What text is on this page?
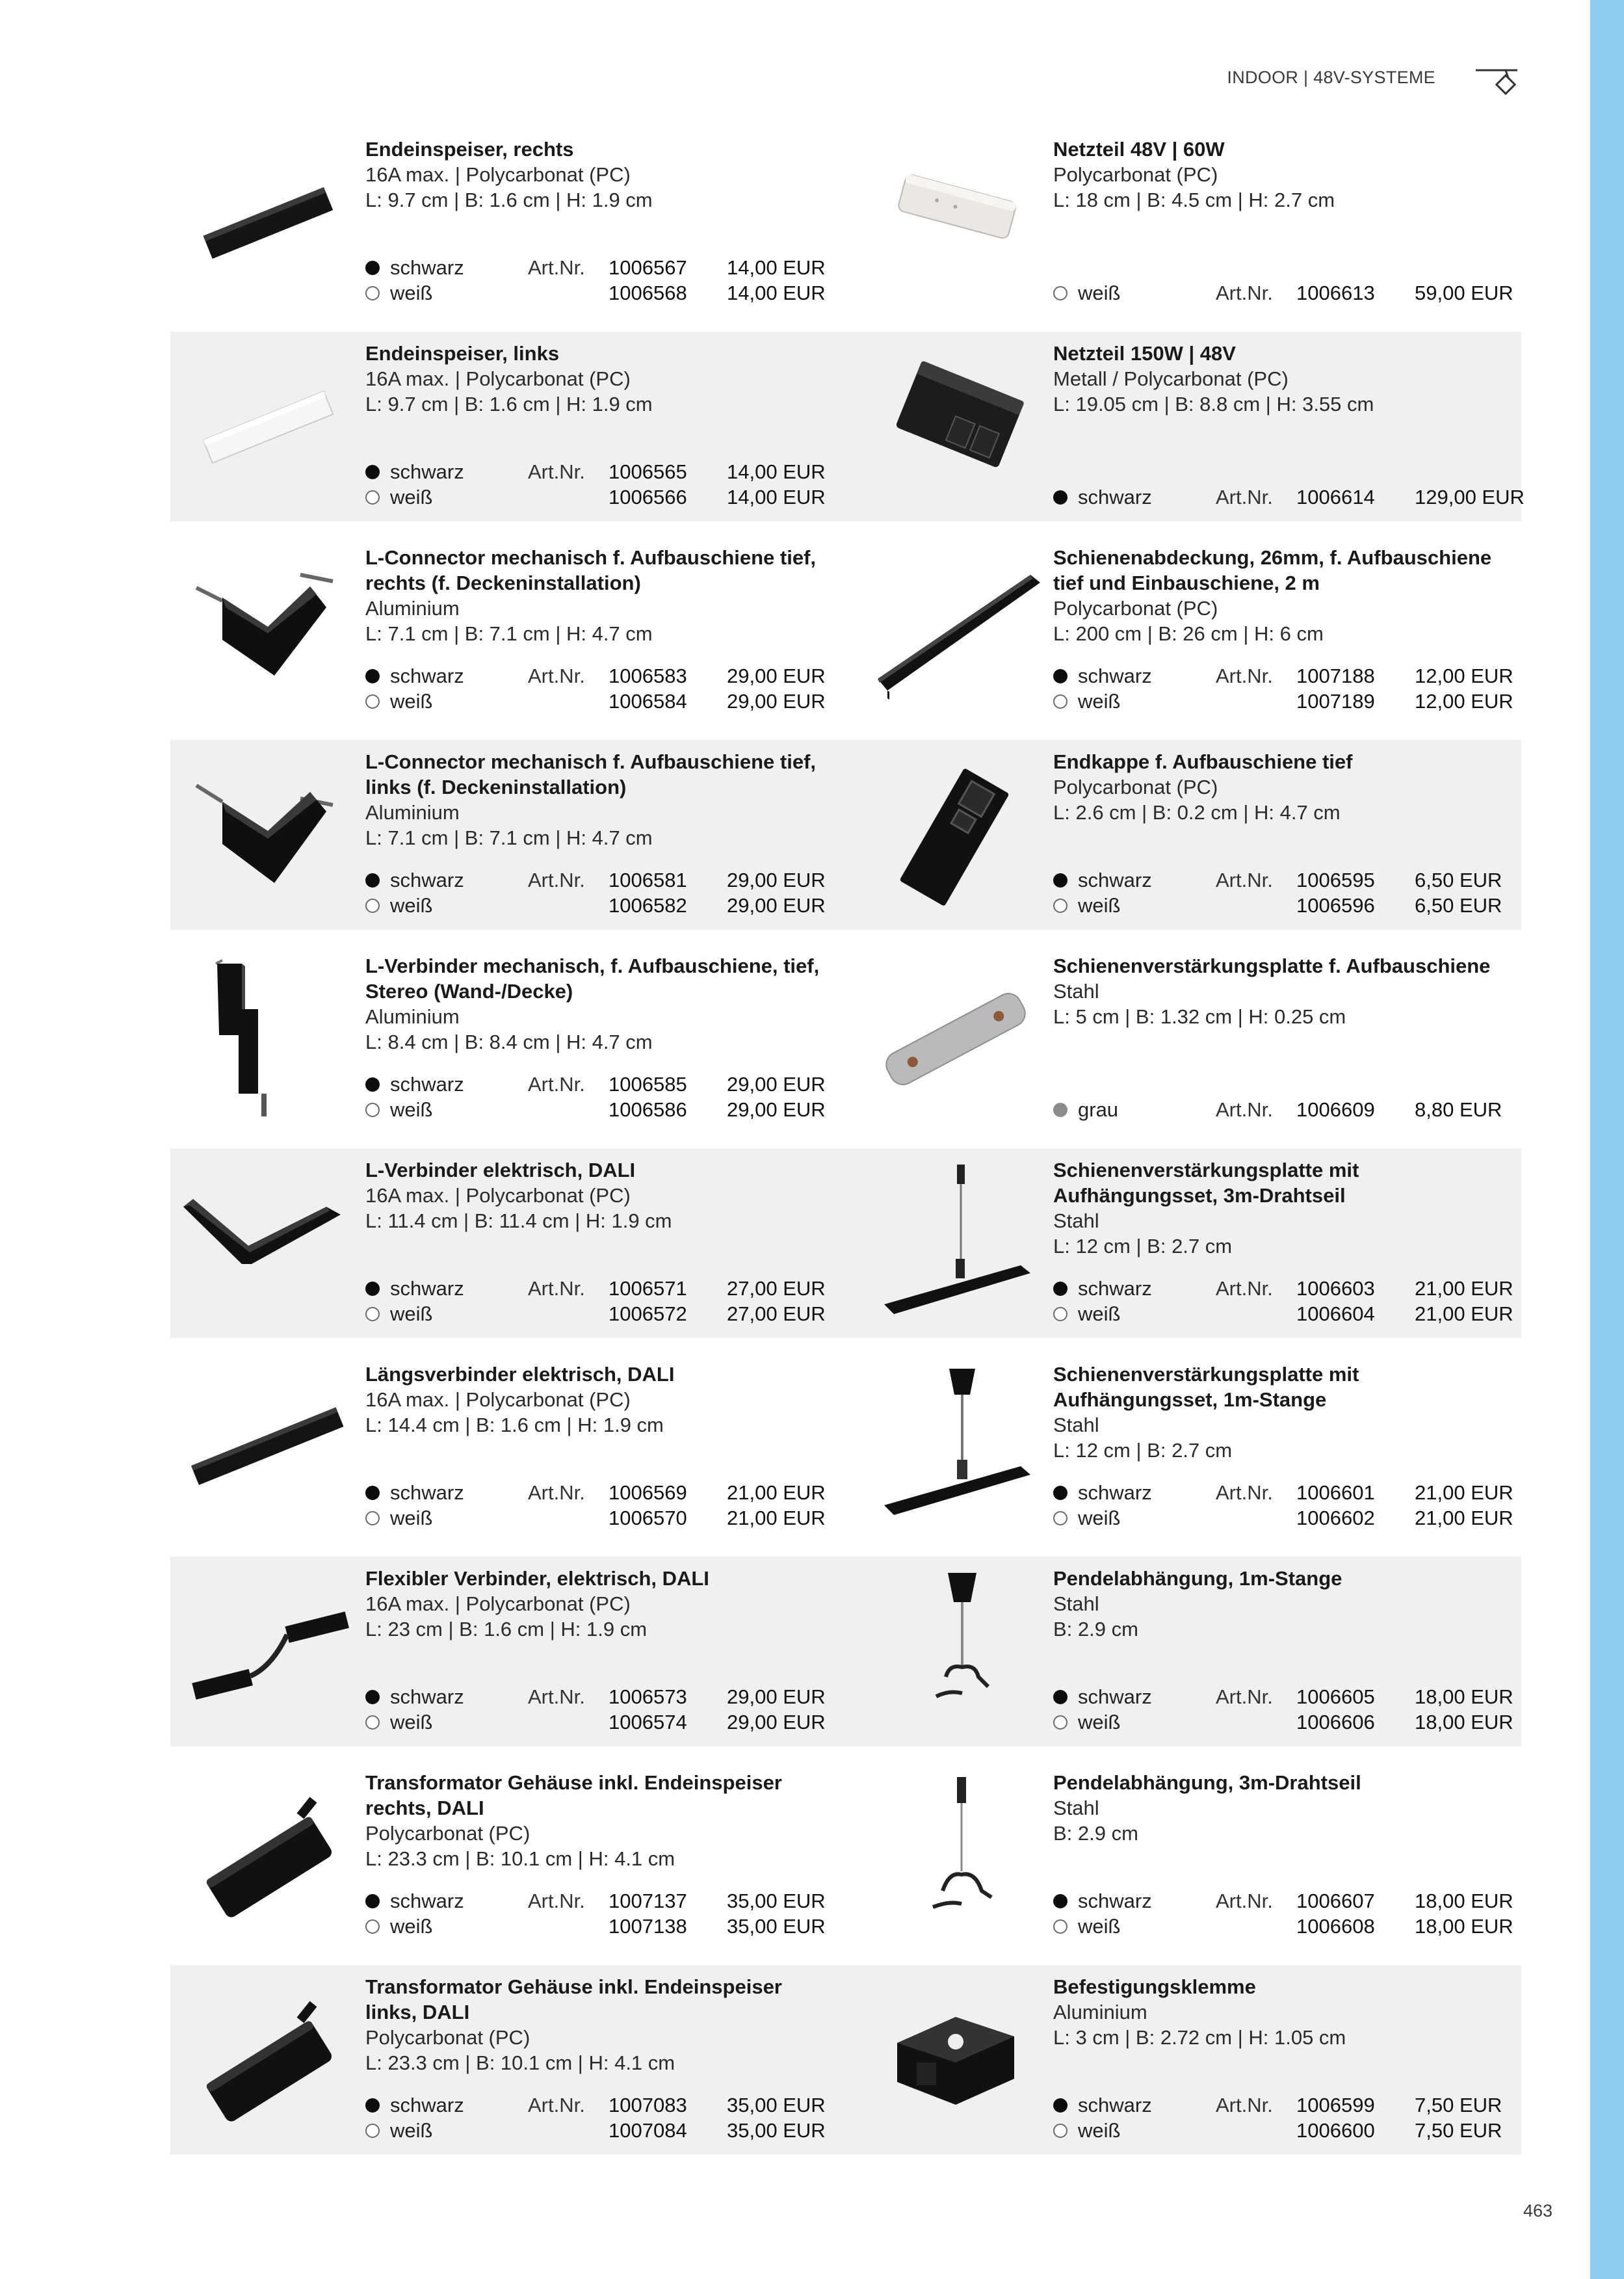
INDOOR | 48V-SYSTEME
Endeinspeiser, rechts
16A max. | Polycarbonat (PC)
L: 9.7 cm | B: 1.6 cm | H: 1.9 cm
schwarz	Art.Nr. 1006567 14,00 EUR
weiß	1006568 14,00 EUR
Netzteil 48V | 60W
Polycarbonat (PC)
L: 18 cm | B: 4.5 cm | H: 2.7 cm
weiß	Art.Nr. 1006613 59,00 EUR
Endeinspeiser, links
16A max. | Polycarbonat (PC)
L: 9.7 cm | B: 1.6 cm | H: 1.9 cm
schwarz	Art.Nr. 1006565 14,00 EUR
weiß	1006566 14,00 EUR
Netzteil 150W | 48V
Metall / Polycarbonat (PC)
L: 19.05 cm | B: 8.8 cm | H: 3.55 cm
schwarz	Art.Nr. 1006614 129,00 EUR
L-Connector mechanisch f. Aufbauschiene tief,
rechts (f. Deckeninstallation)
Aluminium
L: 7.1 cm | B: 7.1 cm | H: 4.7 cm
schwarz	Art.Nr. 1006583 29,00 EUR
weiß	1006584 29,00 EUR
Schienenabdeckung, 26mm, f. Aufbauschiene
tief und Einbauschiene, 2 m
Polycarbonat (PC)
L: 200 cm | B: 26 cm | H: 6 cm
schwarz	Art.Nr. 1007188 12,00 EUR
weiß	1007189 12,00 EUR
L-Connector mechanisch f. Aufbauschiene tief,
links (f. Deckeninstallation)
Aluminium
L: 7.1 cm | B: 7.1 cm | H: 4.7 cm
schwarz	Art.Nr. 1006581 29,00 EUR
weiß	1006582 29,00 EUR
Endkappe f. Aufbauschiene tief
Polycarbonat (PC)
L: 2.6 cm | B: 0.2 cm | H: 4.7 cm
schwarz	Art.Nr. 1006595 6,50 EUR
weiß	1006596 6,50 EUR
L-Verbinder mechanisch, f. Aufbauschiene, tief,
Stereo (Wand-/Decke)
Aluminium
L: 8.4 cm | B: 8.4 cm | H: 4.7 cm
schwarz	Art.Nr. 1006585 29,00 EUR
weiß	1006586 29,00 EUR
Schienenverstärkungsplatte f. Aufbauschiene
Stahl
L: 5 cm | B: 1.32 cm | H: 0.25 cm
grau	Art.Nr. 1006609 8,80 EUR
L-Verbinder elektrisch, DALI
16A max. | Polycarbonat (PC)
L: 11.4 cm | B: 11.4 cm | H: 1.9 cm
schwarz	Art.Nr. 1006571 27,00 EUR
weiß	1006572 27,00 EUR
Schienenverstärkungsplatte mit
Aufhängungsset, 3m-Drahtseil
Stahl
L: 12 cm | B: 2.7 cm
schwarz	Art.Nr. 1006603 21,00 EUR
weiß	1006604 21,00 EUR
Längsverbinder elektrisch, DALI
16A max. | Polycarbonat (PC)
L: 14.4 cm | B: 1.6 cm | H: 1.9 cm
schwarz	Art.Nr. 1006569 21,00 EUR
weiß	1006570 21,00 EUR
Schienenverstärkungsplatte mit
Aufhängungsset, 1m-Stange
Stahl
L: 12 cm | B: 2.7 cm
schwarz	Art.Nr. 1006601 21,00 EUR
weiß	1006602 21,00 EUR
Flexibler Verbinder, elektrisch, DALI
16A max. | Polycarbonat (PC)
L: 23 cm | B: 1.6 cm | H: 1.9 cm
schwarz	Art.Nr. 1006573 29,00 EUR
weiß	1006574 29,00 EUR
Pendelabhängung, 1m-Stange
Stahl
B: 2.9 cm
schwarz	Art.Nr. 1006605 18,00 EUR
weiß	1006606 18,00 EUR
Transformator Gehäuse inkl. Endeinspeiser
rechts, DALI
Polycarbonat (PC)
L: 23.3 cm | B: 10.1 cm | H: 4.1 cm
schwarz	Art.Nr. 1007137 35,00 EUR
weiß	1007138 35,00 EUR
Pendelabhängung, 3m-Drahtseil
Stahl
B: 2.9 cm
schwarz	Art.Nr. 1006607 18,00 EUR
weiß	1006608 18,00 EUR
Transformator Gehäuse inkl. Endeinspeiser
links, DALI
Polycarbonat (PC)
L: 23.3 cm | B: 10.1 cm | H: 4.1 cm
schwarz	Art.Nr. 1007083 35,00 EUR
weiß	1007084 35,00 EUR
Befestigungsklemme
Aluminium
L: 3 cm | B: 2.72 cm | H: 1.05 cm
schwarz	Art.Nr. 1006599 7,50 EUR
weiß	1006600 7,50 EUR
463
